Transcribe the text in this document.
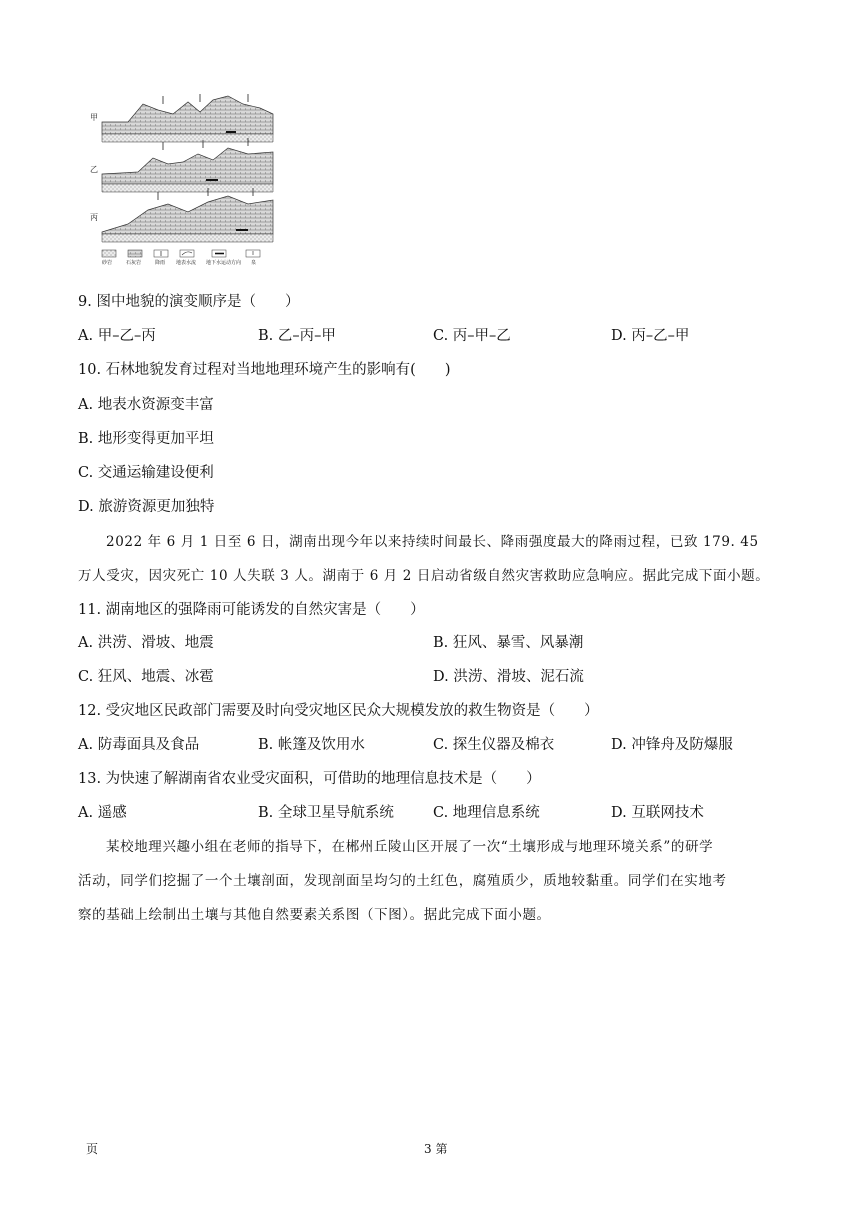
甲
乙
丙
砂岩	石灰岩	降雨 地表水流 地下水运动方向 泉
9. 图中地貌的演变顺序是（　　）
A. 甲–乙–丙	B. 乙–丙–甲	C. 丙–甲–乙	D. 丙–乙–甲
10. 石林地貌发育过程对当地地理环境产生的影响有(　　)
A. 地表水资源变丰富
B. 地形变得更加平坦
C. 交通运输建设便利
D. 旅游资源更加独特
2022 年 6 月 1 日至 6 日，湖南出现今年以来持续时间最长、降雨强度最大的降雨过程，已致 179. 45
万人受灾，因灾死亡 10 人失联 3 人。湖南于 6 月 2 日启动省级自然灾害救助应急响应。据此完成下面小题。
11. 湖南地区的强降雨可能诱发的自然灾害是（　　）
A. 洪涝、滑坡、地震	B. 狂风、暴雪、风暴潮
C. 狂风、地震、冰雹	D. 洪涝、滑坡、泥石流
12. 受灾地区民政部门需要及时向受灾地区民众大规模发放的救生物资是（　　）
A. 防毒面具及食品	B. 帐篷及饮用水	C. 探生仪器及棉衣	D. 冲锋舟及防爆服
13. 为快速了解湖南省农业受灾面积，可借助的地理信息技术是（　　）
A. 遥感	B. 全球卫星导航系统	C. 地理信息系统	D. 互联网技术
某校地理兴趣小组在老师的指导下，在郴州丘陵山区开展了一次“土壤形成与地理环境关系”的研学
活动，同学们挖掘了一个土壤剖面，发现剖面呈均匀的土红色，腐殖质少，质地较黏重。同学们在实地考
察的基础上绘制出土壤与其他自然要素关系图（下图）。据此完成下面小题。
页	3 第
